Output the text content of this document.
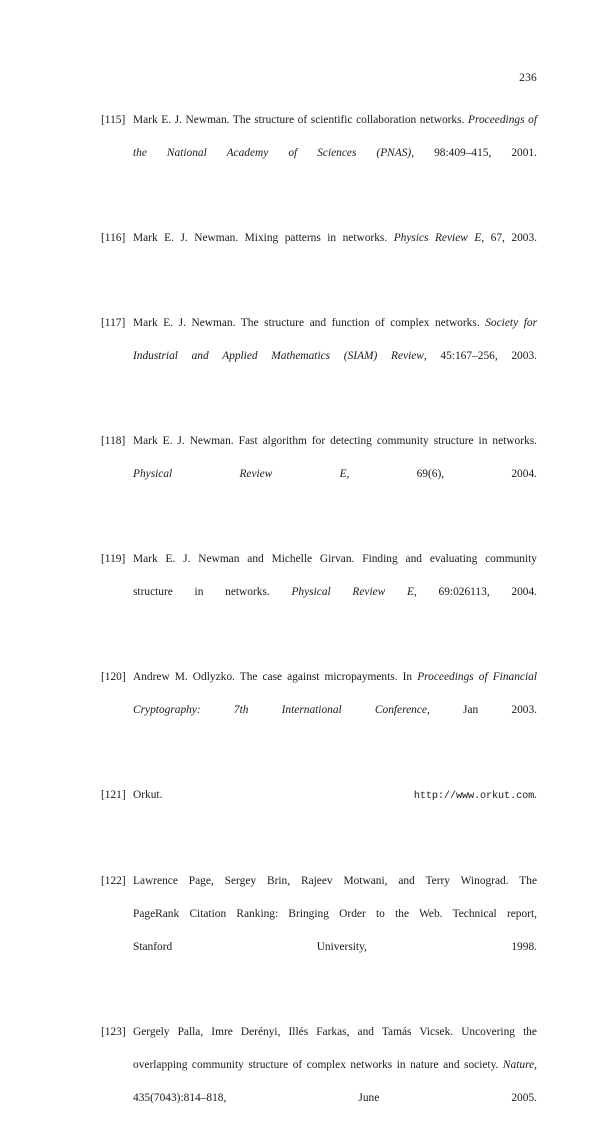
236
[115] Mark E. J. Newman. The structure of scientific collaboration networks. Proceedings of the National Academy of Sciences (PNAS), 98:409–415, 2001.
[116] Mark E. J. Newman. Mixing patterns in networks. Physics Review E, 67, 2003.
[117] Mark E. J. Newman. The structure and function of complex networks. Society for Industrial and Applied Mathematics (SIAM) Review, 45:167–256, 2003.
[118] Mark E. J. Newman. Fast algorithm for detecting community structure in networks. Physical Review E, 69(6), 2004.
[119] Mark E. J. Newman and Michelle Girvan. Finding and evaluating community structure in networks. Physical Review E, 69:026113, 2004.
[120] Andrew M. Odlyzko. The case against micropayments. In Proceedings of Financial Cryptography: 7th International Conference, Jan 2003.
[121] Orkut. http://www.orkut.com.
[122] Lawrence Page, Sergey Brin, Rajeev Motwani, and Terry Winograd. The PageRank Citation Ranking: Bringing Order to the Web. Technical report, Stanford University, 1998.
[123] Gergely Palla, Imre Derényi, Illés Farkas, and Tamás Vicsek. Uncovering the overlapping community structure of complex networks in nature and society. Nature, 435(7043):814–818, June 2005.
